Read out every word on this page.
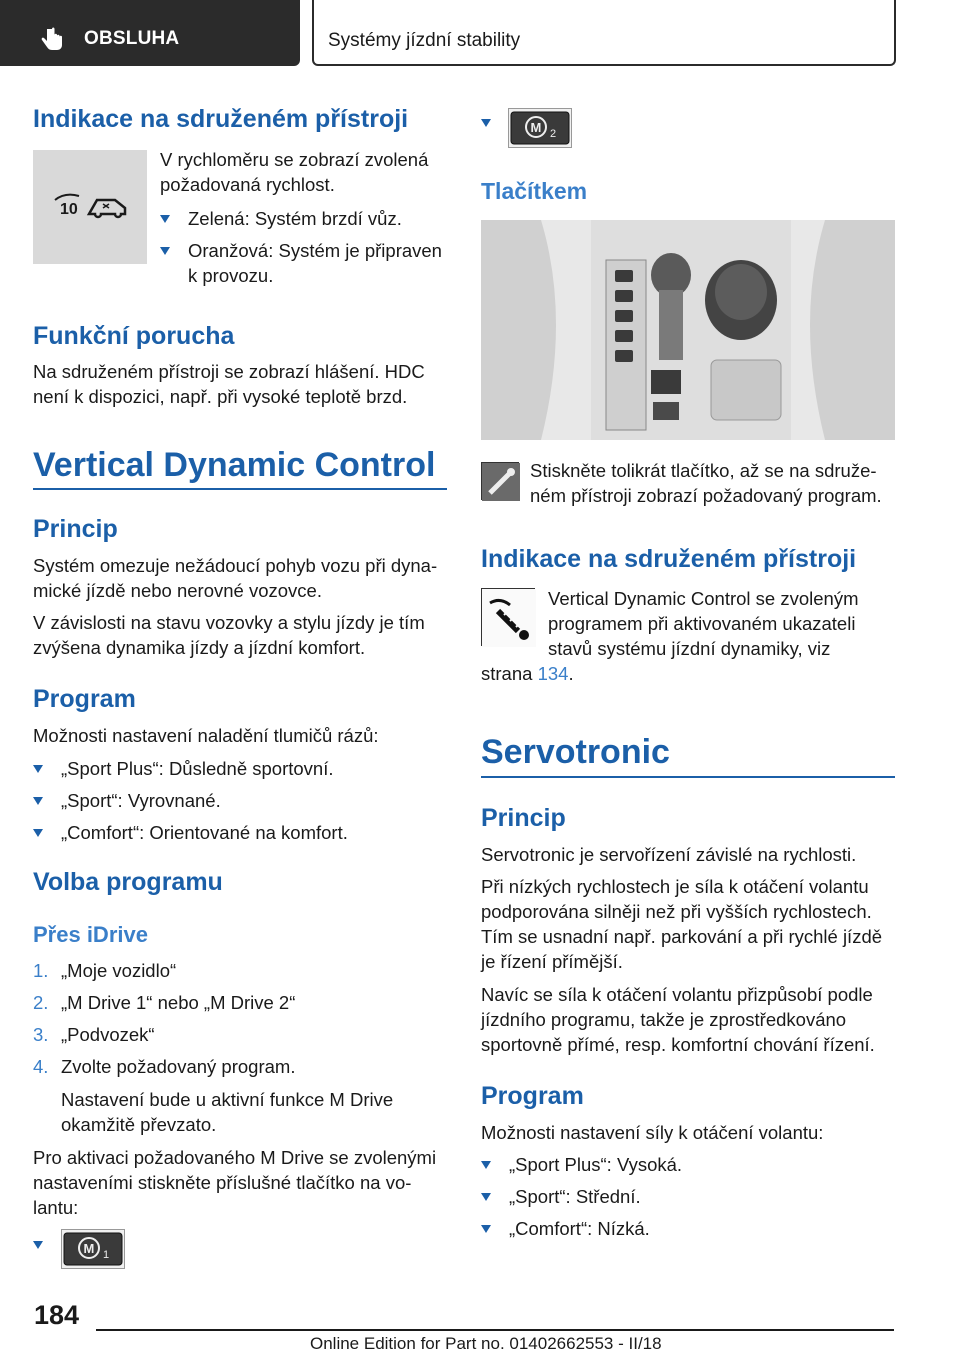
OBSLUHA	Systémy jízdní stability
Indikace na sdruženém přístroji
10
V rychloměru se zobrazí zvolená
požadovaná rychlost.
Zelená: Systém brzdí vůz.
Oranžová: Systém je připraven
k provozu.
Funkční porucha
Na sdruženém přístroji se zobrazí hlášení. HDC
není k dispozici, např. při vysoké teplotě brzd.
Vertical Dynamic Control
Princip
Systém omezuje nežádoucí pohyb vozu při dyna‐
mické jízdě nebo nerovné vozovce.
V závislosti na stavu vozovky a stylu jízdy je tím
zvýšena dynamika jízdy a jízdní komfort.
Program
Možnosti nastavení naladění tlumičů rázů:
„Sport Plus“: Důsledně sportovní.
„Sport“: Vyrovnané.
„Comfort“: Orientované na komfort.
Volba programu
Přes iDrive
1. „Moje vozidlo“
2. „M Drive 1“ nebo „M Drive 2“
3. „Podvozek“
4. Zvolte požadovaný program.
Nastavení bude u aktivní funkce M Drive
okamžitě převzato.
Pro aktivaci požadovaného M Drive se zvolenými
nastaveními stiskněte příslušné tlačítko na vo‐
lantu:
M 1
M 2
Tlačítkem
Stiskněte tolikrát tlačítko, až se na sdruže‐
ném přístroji zobrazí požadovaný program.
Indikace na sdruženém přístroji
Vertical Dynamic Control se zvoleným
programem při aktivovaném ukazateli
stavů systému jízdní dynamiky, viz
strana 134.
Servotronic
Princip
Servotronic je servořízení závislé na rychlosti.
Při nízkých rychlostech je síla k otáčení volantu
podporována silněji než při vyšších rychlostech.
Tím se usnadní např. parkování a při rychlé jízdě
je řízení přímější.
Navíc se síla k otáčení volantu přizpůsobí podle
jízdního programu, takže je zprostředkováno
sportovně přímé, resp. komfortní chování řízení.
Program
Možnosti nastavení síly k otáčení volantu:
„Sport Plus“: Vysoká.
„Sport“: Střední.
„Comfort“: Nízká.
184
Online Edition for Part no. 01402662553 - II/18
